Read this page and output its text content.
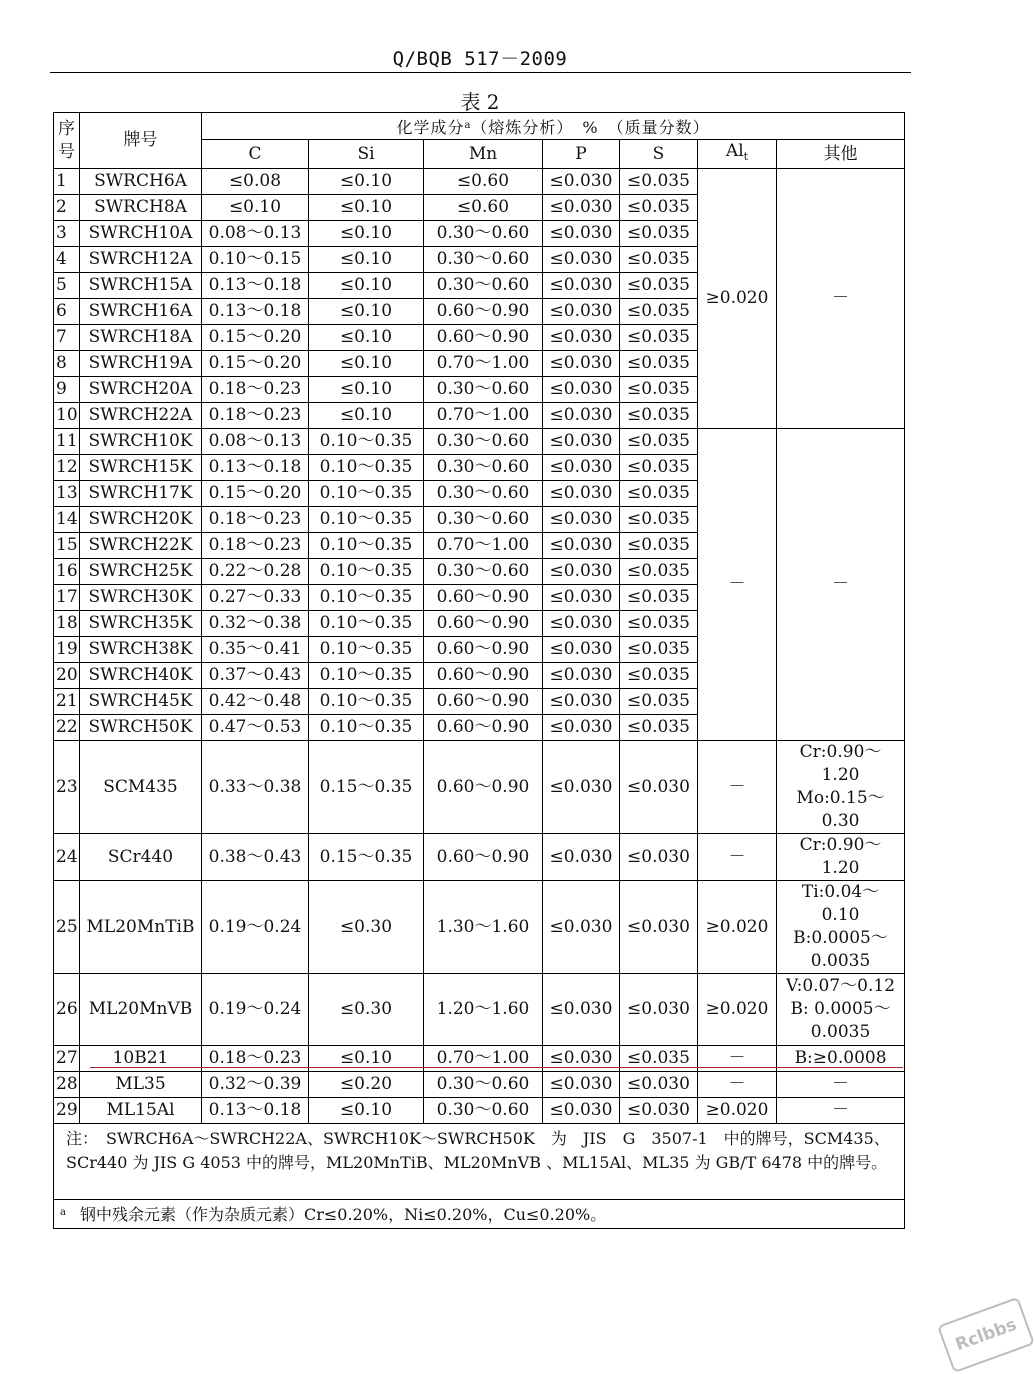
Q/BQB 517－2009
表 2
序号	牌号	化学成分$^a$（熔炼分析）　%　（质量分数）						
		C	Si	Mn	P	S	$Al_t$	其他
1	SWRCH6A	≤0.08	≤0.10	≤0.60	≤0.030	≤0.035	≥0.020	－
2	SWRCH8A	≤0.10	≤0.10	≤0.60	≤0.030	≤0.035		
3	SWRCH10A	0.08～0.13	≤0.10	0.30～0.60	≤0.030	≤0.035		
4	SWRCH12A	0.10～0.15	≤0.10	0.30～0.60	≤0.030	≤0.035		
5	SWRCH15A	0.13～0.18	≤0.10	0.30～0.60	≤0.030	≤0.035		
6	SWRCH16A	0.13～0.18	≤0.10	0.60～0.90	≤0.030	≤0.035		
7	SWRCH18A	0.15～0.20	≤0.10	0.60～0.90	≤0.030	≤0.035		
8	SWRCH19A	0.15～0.20	≤0.10	0.70～1.00	≤0.030	≤0.035		
9	SWRCH20A	0.18～0.23	≤0.10	0.30～0.60	≤0.030	≤0.035		
10	SWRCH22A	0.18～0.23	≤0.10	0.70～1.00	≤0.030	≤0.035		
11	SWRCH10K	0.08～0.13	0.10～0.35	0.30～0.60	≤0.030	≤0.035	－	－
12	SWRCH15K	0.13～0.18	0.10～0.35	0.30～0.60	≤0.030	≤0.035		
13	SWRCH17K	0.15～0.20	0.10～0.35	0.30～0.60	≤0.030	≤0.035		
14	SWRCH20K	0.18～0.23	0.10～0.35	0.30～0.60	≤0.030	≤0.035		
15	SWRCH22K	0.18～0.23	0.10～0.35	0.70～1.00	≤0.030	≤0.035		
16	SWRCH25K	0.22～0.28	0.10～0.35	0.30～0.60	≤0.030	≤0.035		
17	SWRCH30K	0.27～0.33	0.10～0.35	0.60～0.90	≤0.030	≤0.035		
18	SWRCH35K	0.32～0.38	0.10～0.35	0.60～0.90	≤0.030	≤0.035		
19	SWRCH38K	0.35～0.41	0.10～0.35	0.60～0.90	≤0.030	≤0.035		
20	SWRCH40K	0.37～0.43	0.10～0.35	0.60～0.90	≤0.030	≤0.035		
21	SWRCH45K	0.42～0.48	0.10～0.35	0.60～0.90	≤0.030	≤0.035		
22	SWRCH50K	0.47～0.53	0.10～0.35	0.60～0.90	≤0.030	≤0.035		
23	SCM435	0.33～0.38	0.15～0.35	0.60～0.90	≤0.030	≤0.030	－	Cr:0.90～
1.20
Mo:0.15～
0.30

24	SCr440	0.38～0.43	0.15～0.35	0.60～0.90	≤0.030	≤0.030	－	Cr:0.90～
1.20

25	ML20MnTiB	0.19～0.24	≤0.30	1.30～1.60	≤0.030	≤0.030	≥0.020	Ti:0.04～
0.10
B:0.0005～
0.0035

26	ML20MnVB	0.19～0.24	≤0.30	1.20～1.60	≤0.030	≤0.030	≥0.020	V:0.07～0.12
B: 0.0005～
0.0035

27	10B21	0.18～0.23	≤0.10	0.70～1.00	≤0.030	≤0.035	－	B:≥0.0008

28	ML35	0.32～0.39	≤0.20	0.30～0.60	≤0.030	≤0.030	－	－

29	ML15Al	0.13～0.18	≤0.10	0.30～0.60	≤0.030	≤0.030	≥0.020	－

注：　SWRCH6A～SWRCH22A、SWRCH10K～SWRCH50K　为　JIS　G　3507-1　中的牌号，SCM435、SCr440 为 JIS G 4053 中的牌号，ML20MnTiB、ML20MnVB 、ML15Al、ML35 为 GB/T 6478 中的牌号。								
$^a$ 钢中残余元素（作为杂质元素）Cr≤0.20%，Ni≤0.20%，Cu≤0.20%。								
Rclbbs
